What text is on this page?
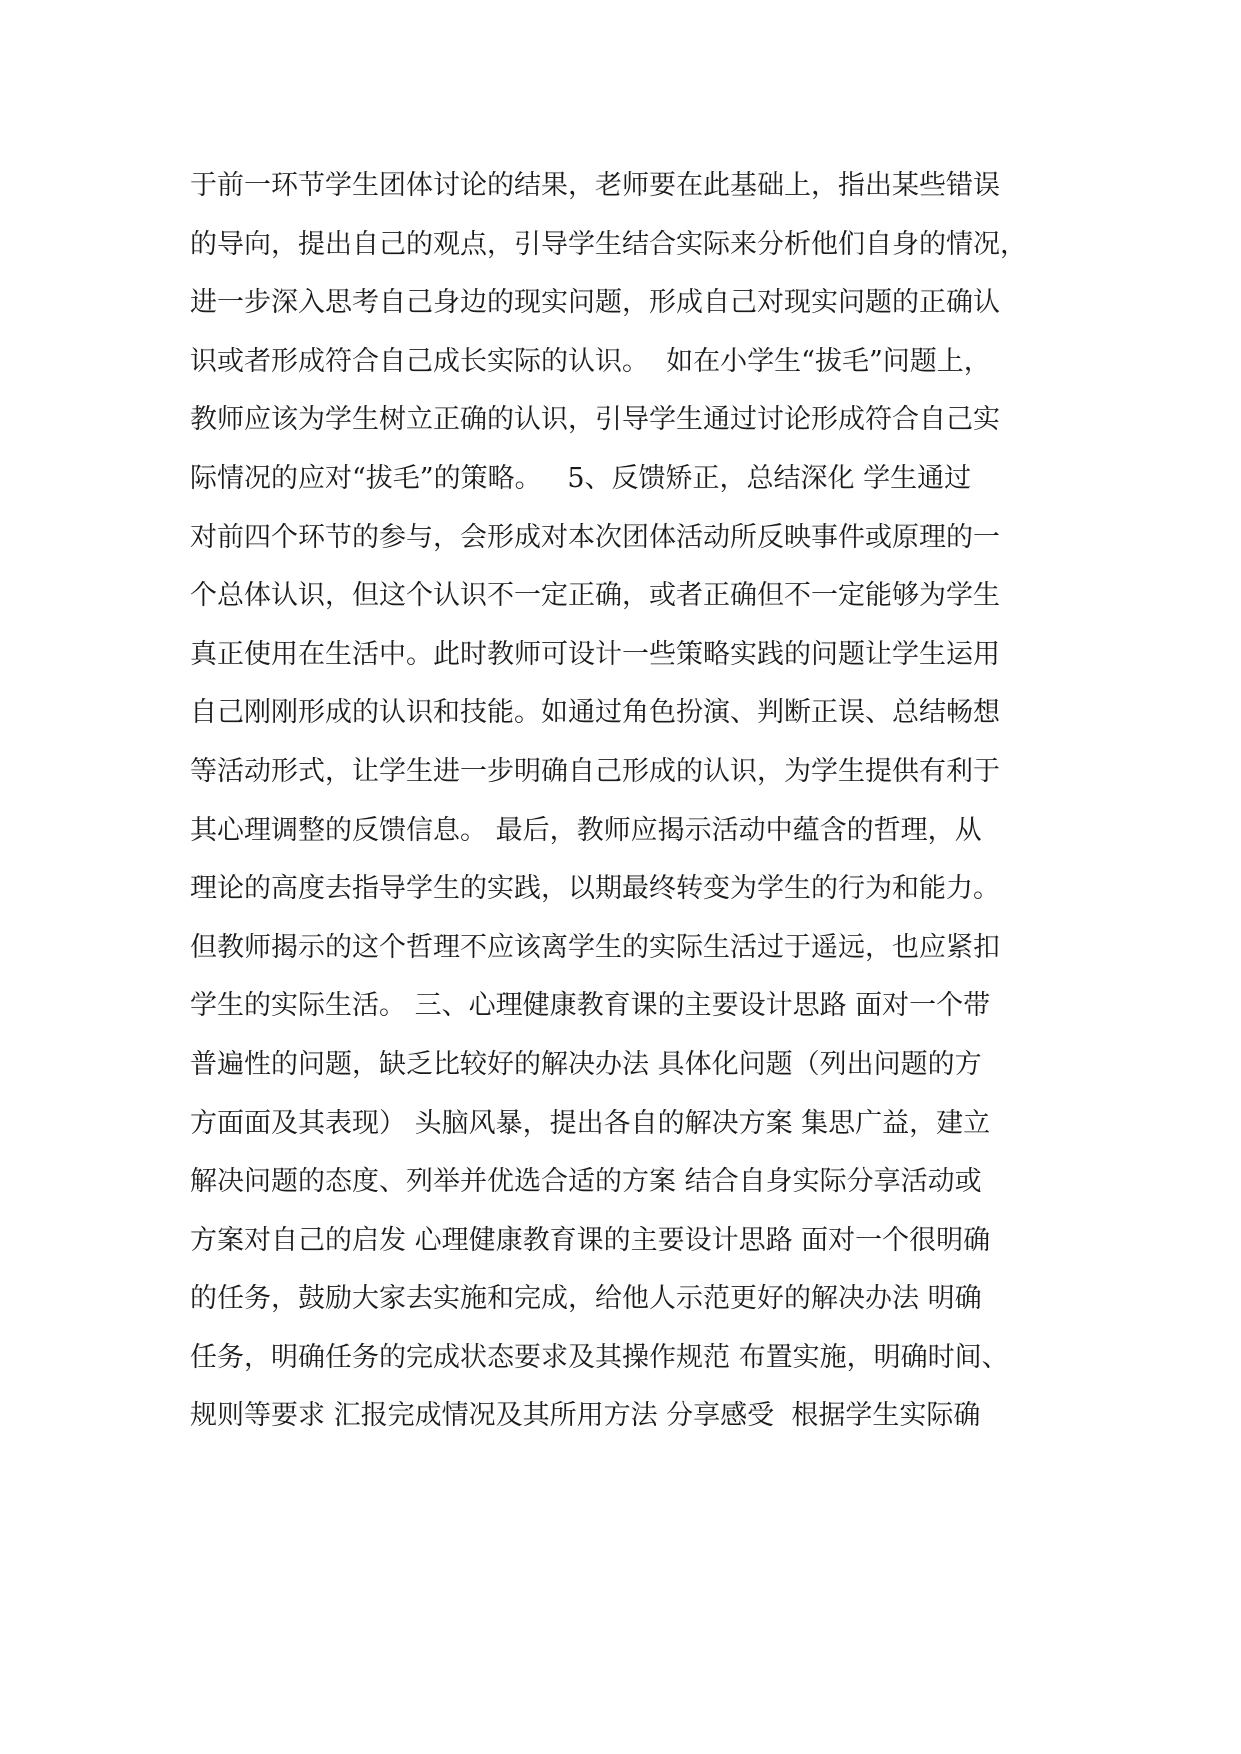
于前一环节学生团体讨论的结果，老师要在此基础上，指出某些错误
的导向，提出自己的观点，引导学生结合实际来分析他们自身的情况，
进一步深入思考自己身边的现实问题，形成自己对现实问题的正确认
识或者形成符合自己成长实际的认识。  如在小学生“拔毛”问题上，
教师应该为学生树立正确的认识，引导学生通过讨论形成符合自己实
际情况的应对“拔毛”的策略。   5、反馈矫正，总结深化 学生通过
对前四个环节的参与，会形成对本次团体活动所反映事件或原理的一
个总体认识，但这个认识不一定正确，或者正确但不一定能够为学生
真正使用在生活中。此时教师可设计一些策略实践的问题让学生运用
自己刚刚形成的认识和技能。如通过角色扮演、判断正误、总结畅想
等活动形式，让学生进一步明确自己形成的认识，为学生提供有利于
其心理调整的反馈信息。 最后，教师应揭示活动中蕴含的哲理，从
理论的高度去指导学生的实践，以期最终转变为学生的行为和能力。
但教师揭示的这个哲理不应该离学生的实际生活过于遥远，也应紧扣
学生的实际生活。 三、心理健康教育课的主要设计思路 面对一个带
普遍性的问题，缺乏比较好的解决办法 具体化问题（列出问题的方
方面面及其表现） 头脑风暴，提出各自的解决方案 集思广益，建立
解决问题的态度、列举并优选合适的方案 结合自身实际分享活动或
方案对自己的启发 心理健康教育课的主要设计思路 面对一个很明确
的任务，鼓励大家去实施和完成，给他人示范更好的解决办法 明确
任务，明确任务的完成状态要求及其操作规范 布置实施，明确时间、
规则等要求 汇报完成情况及其所用方法 分享感受  根据学生实际确
